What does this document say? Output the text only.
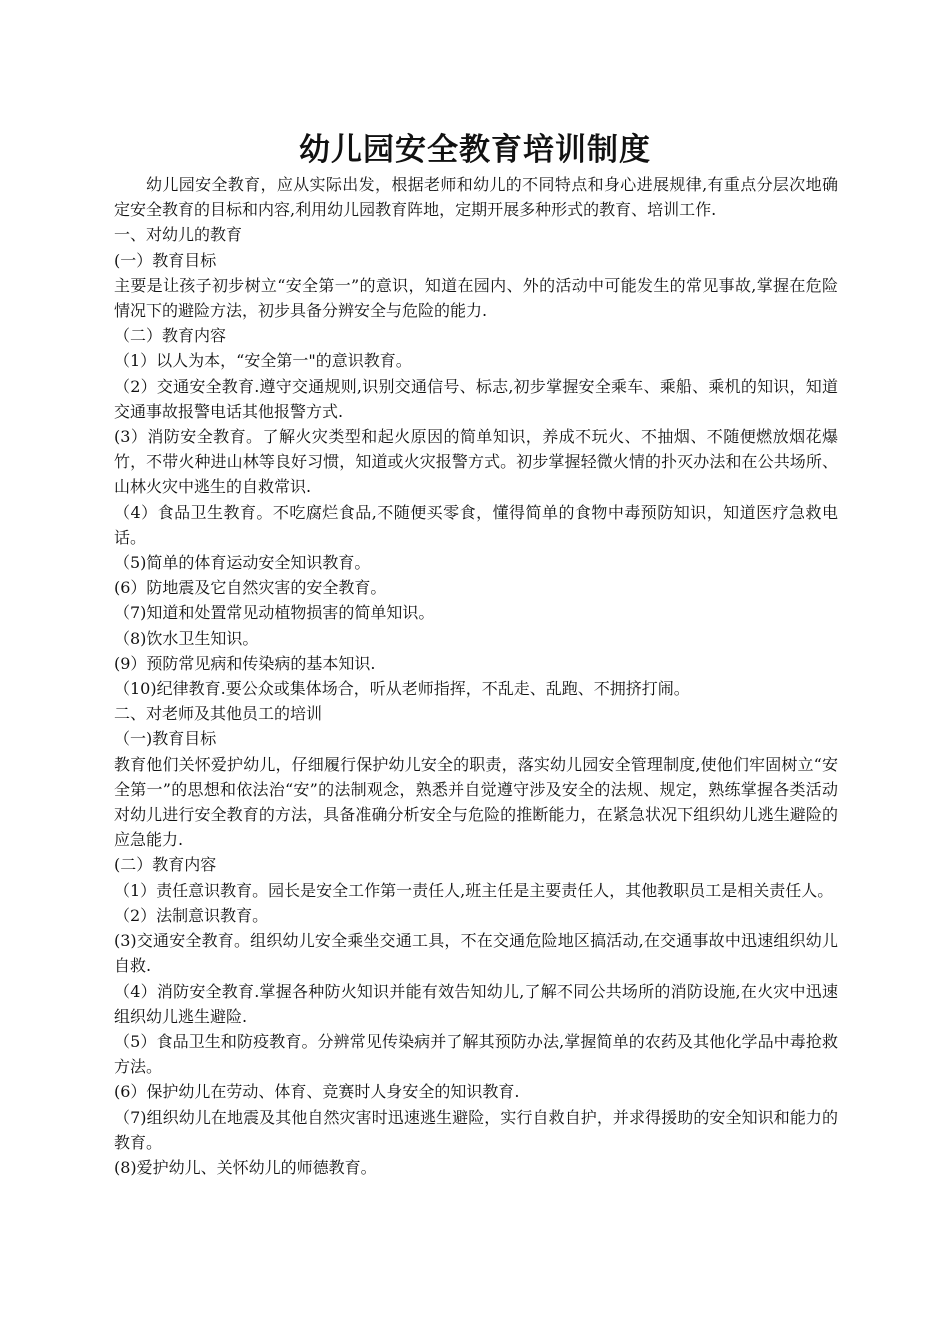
幼儿园安全教育培训制度

幼儿园安全教育，应从实际出发，根据老师和幼儿的不同特点和身心进展规律,有重点分层次地确定安全教育的目标和内容,利用幼儿园教育阵地，定期开展多种形式的教育、培训工作.

一、对幼儿的教育

(一）教育目标

主要是让孩子初步树立“安全第一”的意识，知道在园内、外的活动中可能发生的常见事故,掌握在危险情况下的避险方法，初步具备分辨安全与危险的能力.

（二）教育内容

（1）以人为本，“安全第一"的意识教育。

（2）交通安全教育.遵守交通规则,识别交通信号、标志,初步掌握安全乘车、乘船、乘机的知识，知道交通事故报警电话其他报警方式.

(3）消防安全教育。了解火灾类型和起火原因的简单知识，养成不玩火、不抽烟、不随便燃放烟花爆竹，不带火种进山林等良好习惯，知道或火灾报警方式。初步掌握轻微火情的扑灭办法和在公共场所、山林火灾中逃生的自救常识.

（4）食品卫生教育。不吃腐烂食品,不随便买零食，懂得简单的食物中毒预防知识，知道医疗急救电话。

（5)简单的体育运动安全知识教育。

(6）防地震及它自然灾害的安全教育。

（7)知道和处置常见动植物损害的简单知识。

（8)饮水卫生知识。

(9）预防常见病和传染病的基本知识.

（10)纪律教育.要公众或集体场合，听从老师指挥，不乱走、乱跑、不拥挤打闹。

二、对老师及其他员工的培训

（一)教育目标

教育他们关怀爱护幼儿，仔细履行保护幼儿安全的职责，落实幼儿园安全管理制度,使他们牢固树立“安全第一”的思想和依法治“安”的法制观念，熟悉并自觉遵守涉及安全的法规、规定，熟练掌握各类活动对幼儿进行安全教育的方法，具备准确分析安全与危险的推断能力，在紧急状况下组织幼儿逃生避险的应急能力.

(二）教育内容

（1）责任意识教育。园长是安全工作第一责任人,班主任是主要责任人，其他教职员工是相关责任人。

（2）法制意识教育。

(3)交通安全教育。组织幼儿安全乘坐交通工具，不在交通危险地区搞活动,在交通事故中迅速组织幼儿自救.

（4）消防安全教育.掌握各种防火知识并能有效告知幼儿,了解不同公共场所的消防设施,在火灾中迅速组织幼儿逃生避险.

（5）食品卫生和防疫教育。分辨常见传染病并了解其预防办法,掌握简单的农药及其他化学品中毒抢救方法。

(6）保护幼儿在劳动、体育、竞赛时人身安全的知识教育.

（7)组织幼儿在地震及其他自然灾害时迅速逃生避险，实行自救自护，并求得援助的安全知识和能力的教育。

(8)爱护幼儿、关怀幼儿的师德教育。
